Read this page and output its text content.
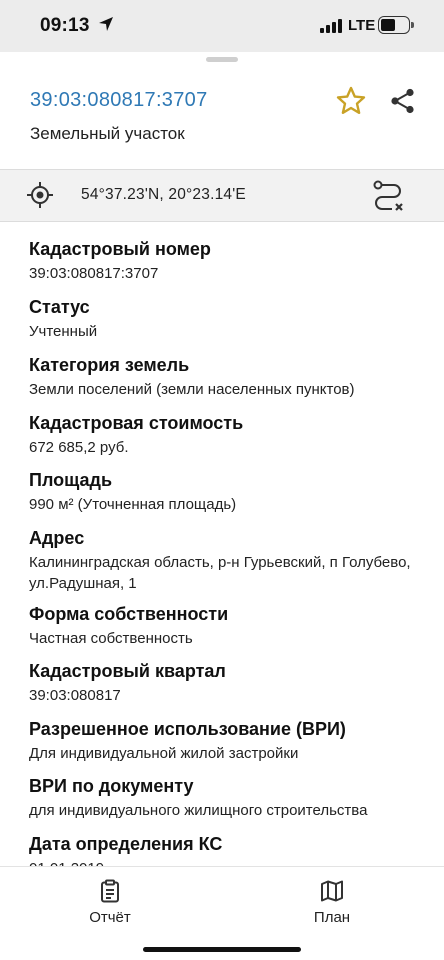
09:13	LTE
39:03:080817:3707
Земельный участок
54°37.23'N, 20°23.14'E
Кадастровый номер
39:03:080817:3707
Статус
Учтенный
Категория земель
Земли поселений (земли населенных пунктов)
Кадастровая стоимость
672 685,2 руб.
Площадь
990 м² (Уточненная площадь)
Адрес
Калининградская область, р-н Гурьевский, п Голубево, ул.Радушная, 1
Форма собственности
Частная собственность
Кадастровый квартал
39:03:080817
Разрешенное использование (ВРИ)
Для индивидуальной жилой застройки
ВРИ по документу
для индивидуального жилищного строительства
Дата определения КС
Отчёт	План
